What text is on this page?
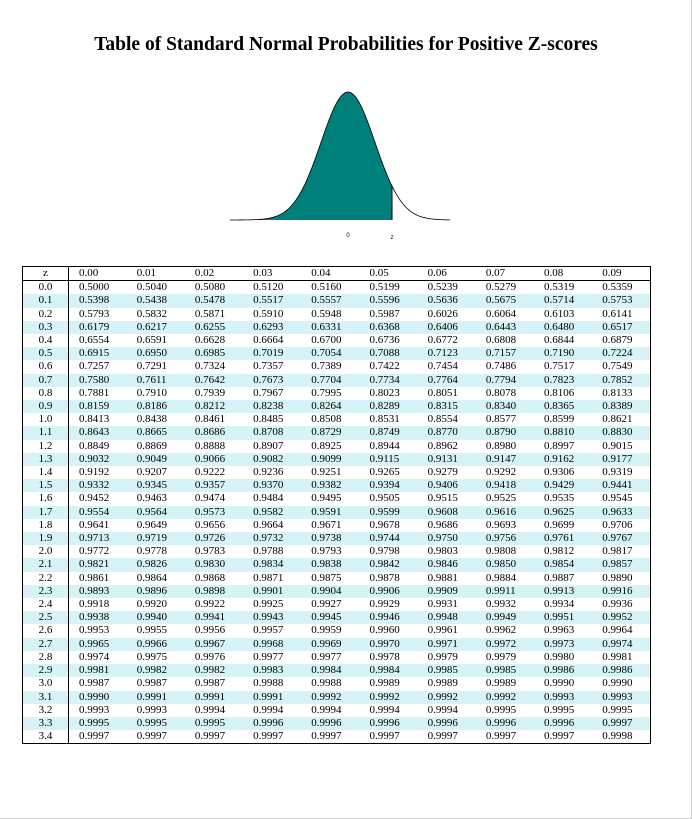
Table of Standard Normal Probabilities for Positive Z-scores
0	z
z	0.00	0.01	0.02	0.03	0.04	0.05	0.06	0.07	0.08	0.09
0.0	0.5000	0.5040	0.5080	0.5120	0.5160	0.5199	0.5239	0.5279	0.5319	0.5359
0.1	0.5398	0.5438	0.5478	0.5517	0.5557	0.5596	0.5636	0.5675	0.5714	0.5753
0.2	0.5793	0.5832	0.5871	0.5910	0.5948	0.5987	0.6026	0.6064	0.6103	0.6141
0.3	0.6179	0.6217	0.6255	0.6293	0.6331	0.6368	0.6406	0.6443	0.6480	0.6517
0.4	0.6554	0.6591	0.6628	0.6664	0.6700	0.6736	0.6772	0.6808	0.6844	0.6879
0.5	0.6915	0.6950	0.6985	0.7019	0.7054	0.7088	0.7123	0.7157	0.7190	0.7224
0.6	0.7257	0.7291	0.7324	0.7357	0.7389	0.7422	0.7454	0.7486	0.7517	0.7549
0.7	0.7580	0.7611	0.7642	0.7673	0.7704	0.7734	0.7764	0.7794	0.7823	0.7852
0.8	0.7881	0.7910	0.7939	0.7967	0.7995	0.8023	0.8051	0.8078	0.8106	0.8133
0.9	0.8159	0.8186	0.8212	0.8238	0.8264	0.8289	0.8315	0.8340	0.8365	0.8389
1.0	0.8413	0.8438	0.8461	0.8485	0.8508	0.8531	0.8554	0.8577	0.8599	0.8621
1.1	0.8643	0.8665	0.8686	0.8708	0.8729	0.8749	0.8770	0.8790	0.8810	0.8830
1.2	0.8849	0.8869	0.8888	0.8907	0.8925	0.8944	0.8962	0.8980	0.8997	0.9015
1.3	0.9032	0.9049	0.9066	0.9082	0.9099	0.9115	0.9131	0.9147	0.9162	0.9177
1.4	0.9192	0.9207	0.9222	0.9236	0.9251	0.9265	0.9279	0.9292	0.9306	0.9319
1.5	0.9332	0.9345	0.9357	0.9370	0.9382	0.9394	0.9406	0.9418	0.9429	0.9441
1.6	0.9452	0.9463	0.9474	0.9484	0.9495	0.9505	0.9515	0.9525	0.9535	0.9545
1.7	0.9554	0.9564	0.9573	0.9582	0.9591	0.9599	0.9608	0.9616	0.9625	0.9633
1.8	0.9641	0.9649	0.9656	0.9664	0.9671	0.9678	0.9686	0.9693	0.9699	0.9706
1.9	0.9713	0.9719	0.9726	0.9732	0.9738	0.9744	0.9750	0.9756	0.9761	0.9767
2.0	0.9772	0.9778	0.9783	0.9788	0.9793	0.9798	0.9803	0.9808	0.9812	0.9817
2.1	0.9821	0.9826	0.9830	0.9834	0.9838	0.9842	0.9846	0.9850	0.9854	0.9857
2.2	0.9861	0.9864	0.9868	0.9871	0.9875	0.9878	0.9881	0.9884	0.9887	0.9890
2.3	0.9893	0.9896	0.9898	0.9901	0.9904	0.9906	0.9909	0.9911	0.9913	0.9916
2.4	0.9918	0.9920	0.9922	0.9925	0.9927	0.9929	0.9931	0.9932	0.9934	0.9936
2.5	0.9938	0.9940	0.9941	0.9943	0.9945	0.9946	0.9948	0.9949	0.9951	0.9952
2.6	0.9953	0.9955	0.9956	0.9957	0.9959	0.9960	0.9961	0.9962	0.9963	0.9964
2.7	0.9965	0.9966	0.9967	0.9968	0.9969	0.9970	0.9971	0.9972	0.9973	0.9974
2.8	0.9974	0.9975	0.9976	0.9977	0.9977	0.9978	0.9979	0.9979	0.9980	0.9981
2.9	0.9981	0.9982	0.9982	0.9983	0.9984	0.9984	0.9985	0.9985	0.9986	0.9986
3.0	0.9987	0.9987	0.9987	0.9988	0.9988	0.9989	0.9989	0.9989	0.9990	0.9990
3.1	0.9990	0.9991	0.9991	0.9991	0.9992	0.9992	0.9992	0.9992	0.9993	0.9993
3.2	0.9993	0.9993	0.9994	0.9994	0.9994	0.9994	0.9994	0.9995	0.9995	0.9995
3.3	0.9995	0.9995	0.9995	0.9996	0.9996	0.9996	0.9996	0.9996	0.9996	0.9997
3.4	0.9997	0.9997	0.9997	0.9997	0.9997	0.9997	0.9997	0.9997	0.9997	0.9998
